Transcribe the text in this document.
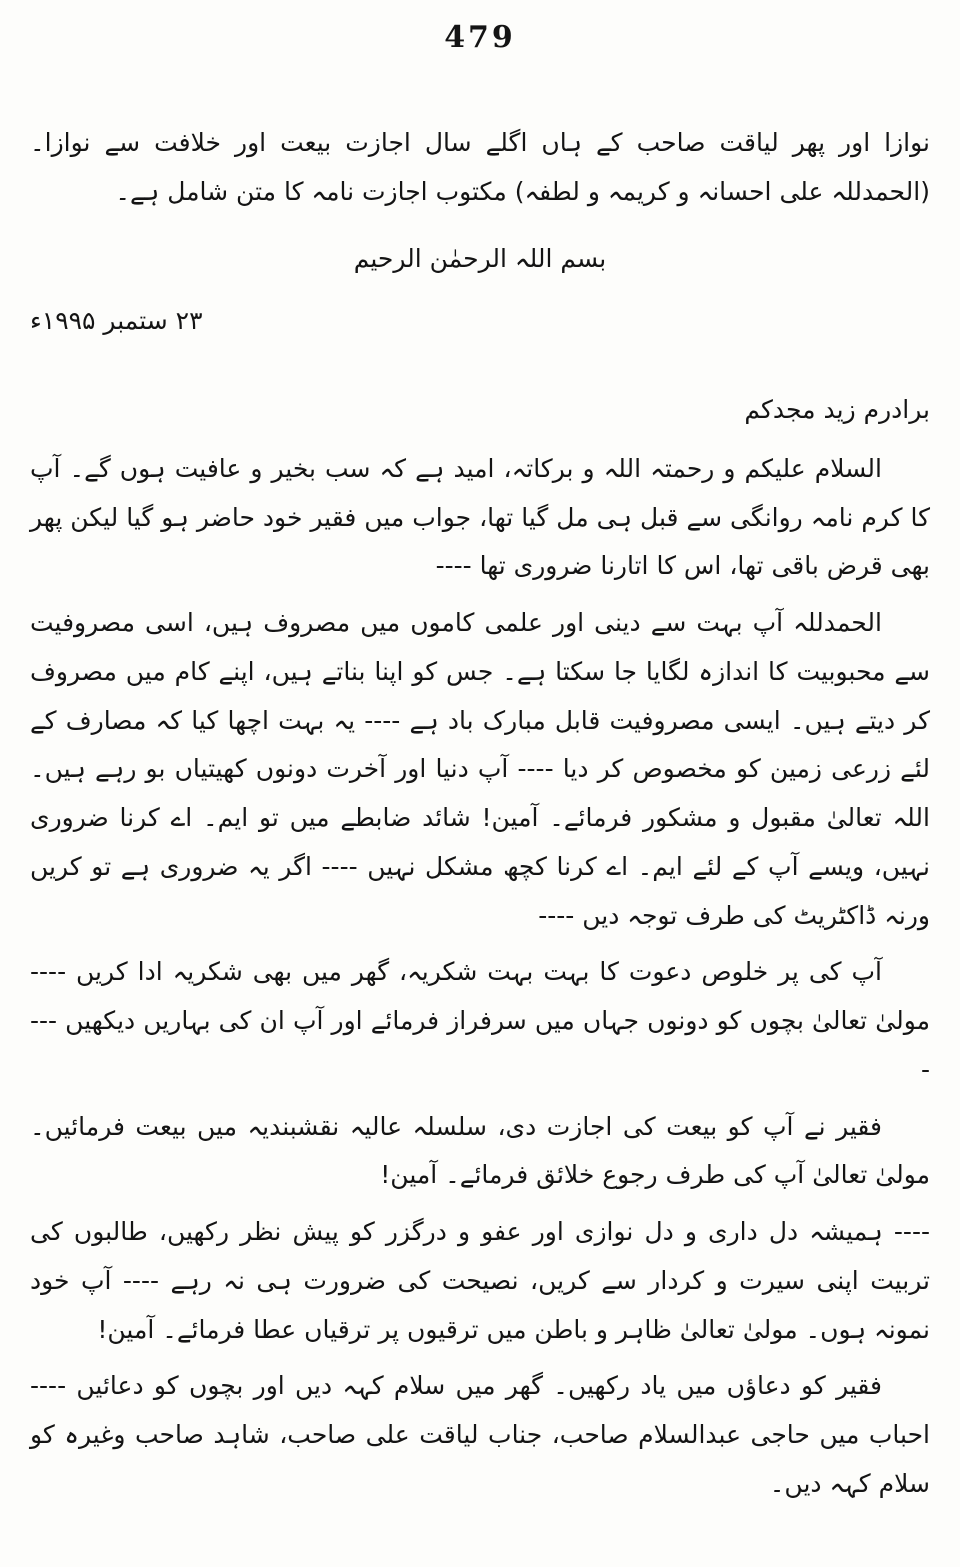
479

نوازا اور پھر لیاقت صاحب کے ہاں اگلے سال اجازت بیعت اور خلافت سے نوازا۔ (الحمدللہ علی احسانہ و کریمہ و لطفہ) مکتوب اجازت نامہ کا متن شامل ہے۔

بسم اللہ الرحمٰن الرحیم

۲۳ ستمبر ۱۹۹۵ء

برادرم زید مجدکم

السلام علیکم و رحمتہ اللہ و برکاتہ، امید ہے کہ سب بخیر و عافیت ہوں گے۔ آپ کا کرم نامہ روانگی سے قبل ہی مل گیا تھا، جواب میں فقیر خود حاضر ہو گیا لیکن پھر بھی قرض باقی تھا، اس کا اتارنا ضروری تھا ----

الحمدللہ آپ بہت سے دینی اور علمی کاموں میں مصروف ہیں، اسی مصروفیت سے محبوبیت کا اندازہ لگایا جا سکتا ہے۔ جس کو اپنا بناتے ہیں، اپنے کام میں مصروف کر دیتے ہیں۔ ایسی مصروفیت قابل مبارک باد ہے ---- یہ بہت اچھا کیا کہ مصارف کے لئے زرعی زمین کو مخصوص کر دیا ---- آپ دنیا اور آخرت دونوں کھیتیاں بو رہے ہیں۔ اللہ تعالیٰ مقبول و مشکور فرمائے۔ آمین! شائد ضابطے میں تو ایم۔ اے کرنا ضروری نہیں، ویسے آپ کے لئے ایم۔ اے کرنا کچھ مشکل نہیں ---- اگر یہ ضروری ہے تو کریں ورنہ ڈاکٹریٹ کی طرف توجہ دیں ----

آپ کی پر خلوص دعوت کا بہت بہت شکریہ، گھر میں بھی شکریہ ادا کریں ---- مولیٰ تعالیٰ بچوں کو دونوں جہاں میں سرفراز فرمائے اور آپ ان کی بہاریں دیکھیں ----

فقیر نے آپ کو بیعت کی اجازت دی، سلسلہ عالیہ نقشبندیہ میں بیعت فرمائیں۔ مولیٰ تعالیٰ آپ کی طرف رجوع خلائق فرمائے۔ آمین!

---- ہمیشہ دل داری و دل نوازی اور عفو و درگزر کو پیش نظر رکھیں، طالبوں کی تربیت اپنی سیرت و کردار سے کریں، نصیحت کی ضرورت ہی نہ رہے ---- آپ خود نمونہ ہوں۔ مولیٰ تعالیٰ ظاہر و باطن میں ترقیوں پر ترقیاں عطا فرمائے۔ آمین!

فقیر کو دعاؤں میں یاد رکھیں۔ گھر میں سلام کہہ دیں اور بچوں کو دعائیں ---- احباب میں حاجی عبدالسلام صاحب، جناب لیاقت علی صاحب، شاہد صاحب وغیرہ کو سلام کہہ دیں۔
